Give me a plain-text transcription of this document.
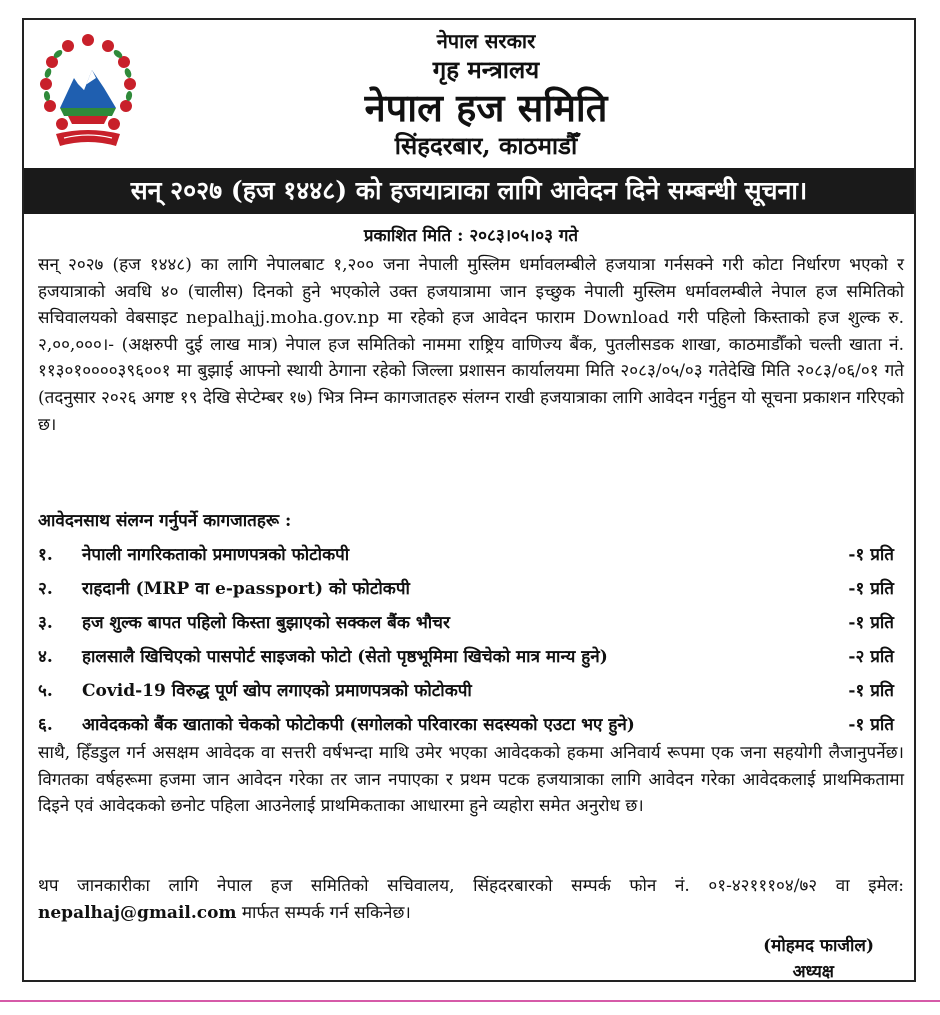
नेपाल सरकार
गृह मन्त्रालय
नेपाल हज समिति
सिंहदरबार, काठमाडौँ
सन् २०२७ (हज १४४८) को हजयात्राका लागि आवेदन दिने सम्बन्धी सूचना।
प्रकाशित मिति : २०८३।०५।०३ गते
सन् २०२७ (हज १४४८) का लागि नेपालबाट १,२०० जना नेपाली मुस्लिम धर्मावलम्बीले हजयात्रा गर्नसक्ने गरी कोटा निर्धारण भएको र हजयात्राको अवधि ४० (चालीस) दिनको हुने भएकोले उक्त हजयात्रामा जान इच्छुक नेपाली मुस्लिम धर्मावलम्बीले नेपाल हज समितिको सचिवालयको वेबसाइट nepalhajj.moha.gov.np मा रहेको हज आवेदन फाराम Download गरी पहिलो किस्ताको हज शुल्क रु. २,००,०००।- (अक्षरुपी दुई लाख मात्र) नेपाल हज समितिको नाममा राष्ट्रिय वाणिज्य बैंक, पुतलीसडक शाखा, काठमाडौँको चल्ती खाता नं. ११३०१००००३९६००१ मा बुझाई आफ्नो स्थायी ठेगाना रहेको जिल्ला प्रशासन कार्यालयमा मिति २०८३/०५/०३ गतेदेखि मिति २०८३/०६/०१ गते (तदनुसार २०२६ अगष्ट १९ देखि सेप्टेम्बर १७) भित्र निम्न कागजातहरु संलग्न राखी हजयात्राका लागि आवेदन गर्नुहुन यो सूचना प्रकाशन गरिएको छ।
आवेदनसाथ संलग्न गर्नुपर्ने कागजातहरू :
१.	नेपाली नागरिकताको प्रमाणपत्रको फोटोकपी	-१ प्रति
२.	राहदानी (MRP वा e-passport) को फोटोकपी	-१ प्रति
३.	हज शुल्क बापत पहिलो किस्ता बुझाएको सक्कल बैंक भौचर	-१ प्रति
४.	हालसालै खिचिएको पासपोर्ट साइजको फोटो (सेतो पृष्ठभूमिमा खिचेको मात्र मान्य हुने)	-२ प्रति
५.	Covid-19 विरुद्ध पूर्ण खोप लगाएको प्रमाणपत्रको फोटोकपी	-१ प्रति
६.	आवेदकको बैंक खाताको चेकको फोटोकपी (सगोलको परिवारका सदस्यको एउटा भए हुने)	-१ प्रति
साथै, हिँडडुल गर्न असक्षम आवेदक वा सत्तरी वर्षभन्दा माथि उमेर भएका आवेदकको हकमा अनिवार्य रूपमा एक जना सहयोगी लैजानुपर्नेछ। विगतका वर्षहरूमा हजमा जान आवेदन गरेका तर जान नपाएका र प्रथम पटक हजयात्राका लागि आवेदन गरेका आवेदकलाई प्राथमिकतामा दिइने एवं आवेदकको छनोट पहिला आउनेलाई प्राथमिकताका आधारमा हुने व्यहोरा समेत अनुरोध छ।
थप जानकारीका लागि नेपाल हज समितिको सचिवालय, सिंहदरबारको सम्पर्क फोन नं. ०१-४२१११०४/७२ वा इमेल: nepalhaj@gmail.com मार्फत सम्पर्क गर्न सकिनेछ।
(मोहमद फाजील)
अध्यक्ष
